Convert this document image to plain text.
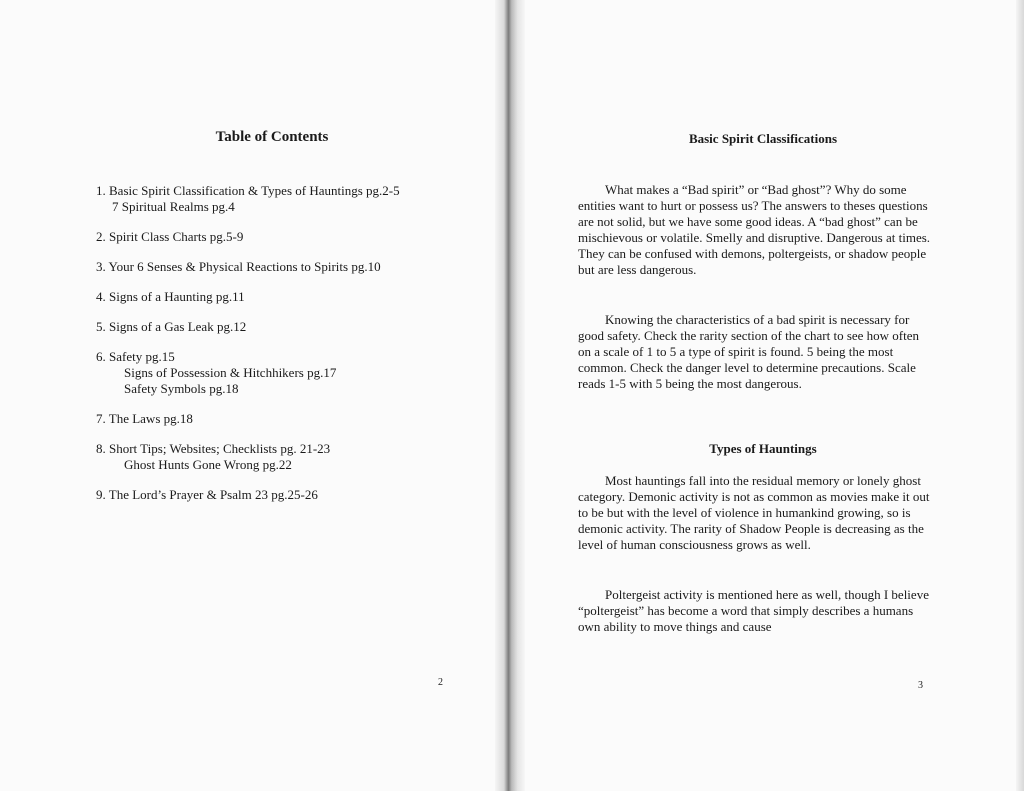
Table of Contents
1. Basic Spirit Classification & Types of Hauntings pg.2-5
7 Spiritual Realms pg.4
2. Spirit Class Charts pg.5-9
3. Your 6 Senses & Physical Reactions to Spirits pg.10
4. Signs of a Haunting pg.11
5. Signs of a Gas Leak pg.12
6. Safety pg.15
Signs of Possession & Hitchhikers pg.17
Safety Symbols pg.18
7. The Laws pg.18
8. Short Tips; Websites; Checklists pg. 21-23
Ghost Hunts Gone Wrong pg.22
9. The Lord’s Prayer & Psalm 23 pg.25-26
2
Basic Spirit Classifications

What makes a “Bad spirit” or “Bad ghost”? Why do some entities want to hurt or possess us? The answers to theses questions are not solid, but we have some good ideas. A “bad ghost” can be mischievous or volatile. Smelly and disruptive. Dangerous at times. They can be confused with demons, poltergeists, or shadow people but are less dangerous.

Knowing the characteristics of a bad spirit is necessary for good safety. Check the rarity section of the chart to see how often on a scale of 1 to 5 a type of spirit is found. 5 being the most common. Check the danger level to determine precautions. Scale reads 1-5 with 5 being the most dangerous.

Types of Hauntings

Most hauntings fall into the residual memory or lonely ghost category. Demonic activity is not as common as movies make it out to be but with the level of violence in humankind growing, so is demonic activity. The rarity of Shadow People is decreasing as the level of human consciousness grows as well.

Poltergeist activity is mentioned here as well, though I believe “poltergeist” has become a word that simply describes a humans own ability to move things and cause

3
